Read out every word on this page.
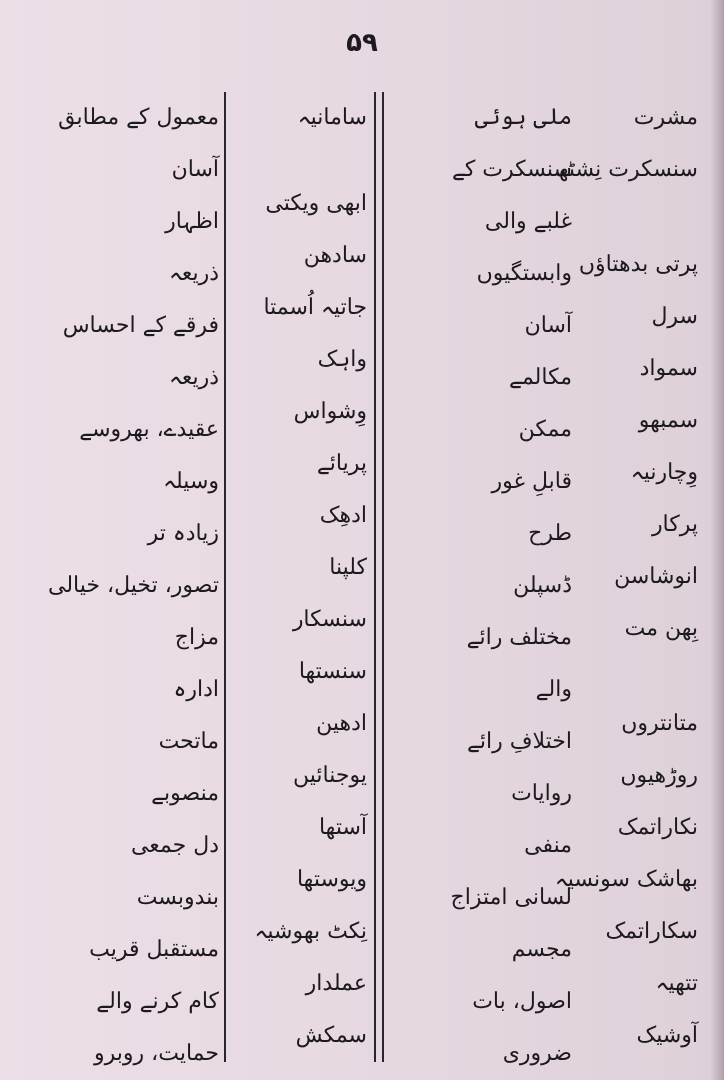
۵۹
معمول کے مطابق
آسان
اظہار
ذریعہ
فرقے کے احساس
ذریعہ
عقیدے، بھروسے
وسیلہ
زیادہ تر
تصور، تخیل، خیالی
مزاج
ادارہ
ماتحت
منصوبے
دل جمعی
بندوبست
مستقبل قریب
کام کرنے والے
حمایت، روبرو
سامانیہ
ابھی ویکتی
سادھن
جاتیہ اُسمتا
واہک
وِشواس
پریائے
ادھِک
کلپنا
سنسکار
سنستھا
ادھین
یوجنائیں
آستھا
ویوستھا
نِکٹ بھوشیہ
عملدار
سمکش
ملی ہوئی
سنسکرت کے
غلبے والی
وابستگیوں
آسان
مکالمے
ممکن
قابلِ غور
طرح
ڈسپلن
مختلف رائے
والے
اختلافِ رائے
روایات
منفی
لسانی امتزاج
مجسم
اصول، بات
ضروری
مشرت
سنسکرت نِشٹھ
پرتی بدھتاؤں
سرل
سمواد
سمبھو
وِچارنیہ
پرکار
انوشاسن
بِھن مت
متانتروں
روڑھیوں
نکاراتمک
بھاشک سونسیہ
سکاراتمک
تتھیہ
آوشیک
